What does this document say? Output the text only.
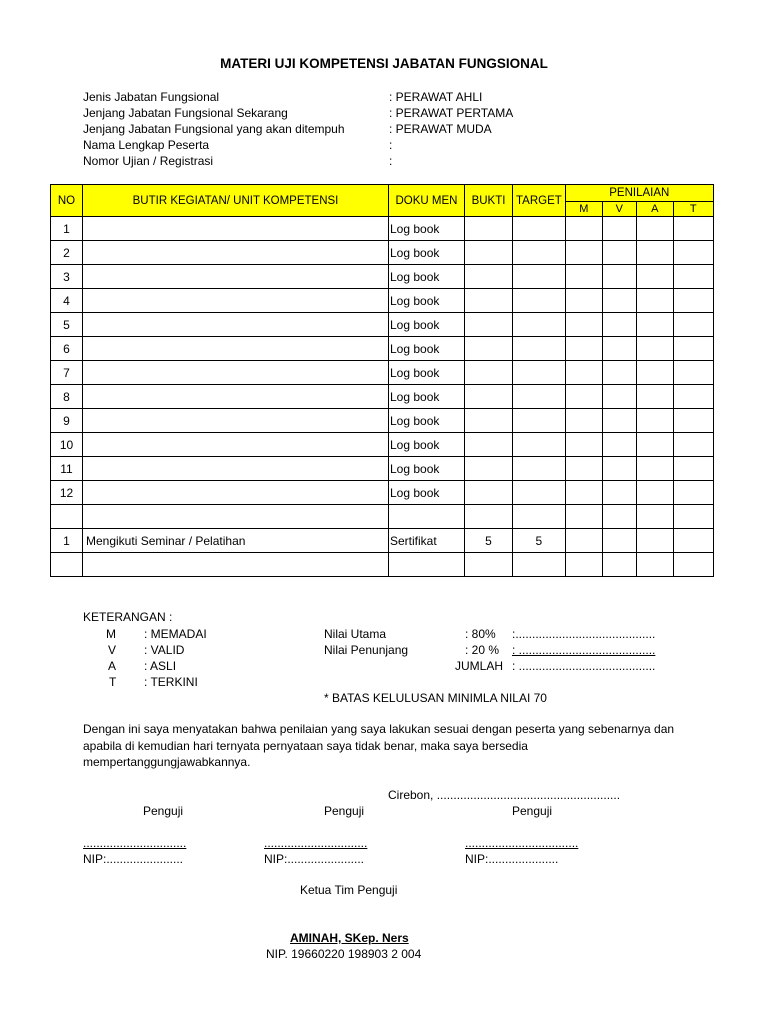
MATERI UJI KOMPETENSI JABATAN FUNGSIONAL
Jenis Jabatan Fungsional	: PERAWAT AHLI
Jenjang Jabatan Fungsional Sekarang	: PERAWAT PERTAMA
Jenjang Jabatan Fungsional yang akan ditempuh	: PERAWAT MUDA
Nama Lengkap Peserta	:
Nomor Ujian / Registrasi	:
NO	BUTIR KEGIATAN/ UNIT KOMPETENSI	DOKU MEN	BUKTI	TARGET	PENILAIAN			
					M	V	A	T
1		Log book						
2		Log book						
3		Log book						
4		Log book						
5		Log book						
6		Log book						
7		Log book						
8		Log book						
9		Log book						
10		Log book						
11		Log book						
12		Log book						

1	Mengikuti Seminar / Pelatihan	Sertifikat	5	5				

KETERANGAN :
M : MEMADAI
V : VALID
A : ASLI
T : TERKINI
Nilai Utama	: 80% :..........................................
Nilai Penunjang	: 20 % : .........................................
JUMLAH : .........................................
* BATAS KELULUSAN MINIMLA NILAI 70
Dengan ini saya menyatakan bahwa penilaian yang saya lakukan sesuai dengan peserta yang sebenarnya dan apabila di kemudian hari ternyata pernyataan saya tidak benar, maka saya bersedia mempertanggungjawabkannya.
Cirebon, .......................................................
Penguji	Penguji	Penguji
...............................	...............................	..................................
NIP:.......................	NIP:.......................	NIP:.....................
Ketua Tim Penguji
AMINAH, SKep. Ners
NIP. 19660220 198903 2 004
